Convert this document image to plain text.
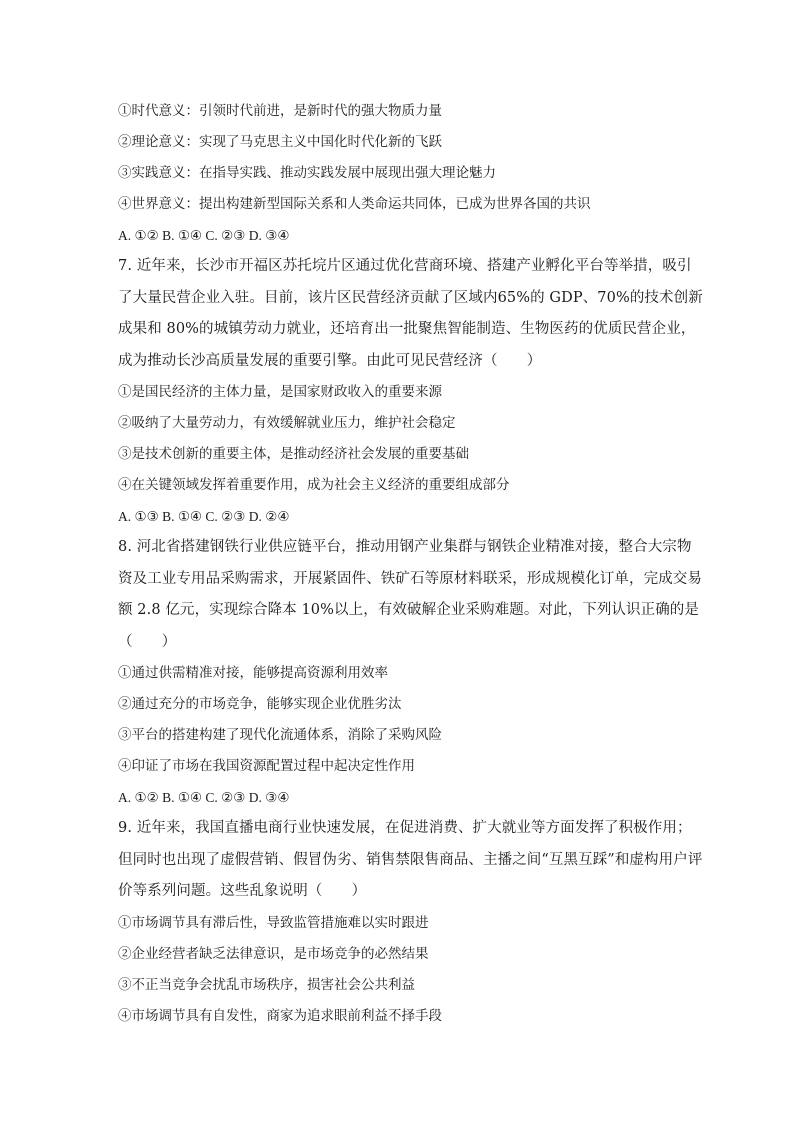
①时代意义：引领时代前进，是新时代的强大物质力量
②理论意义：实现了马克思主义中国化时代化新的飞跃
③实践意义：在指导实践、推动实践发展中展现出强大理论魅力
④世界意义：提出构建新型国际关系和人类命运共同体，已成为世界各国的共识
A. ①② B. ①④ C. ②③ D. ③④
7. 近年来，长沙市开福区苏托垸片区通过优化营商环境、搭建产业孵化平台等举措，吸引
了大量民营企业入驻。目前，该片区民营经济贡献了区域内65%的 GDP、70%的技术创新
成果和 80%的城镇劳动力就业，还培育出一批聚焦智能制造、生物医药的优质民营企业，
成为推动长沙高质量发展的重要引擎。由此可见民营经济（　　）
①是国民经济的主体力量，是国家财政收入的重要来源
②吸纳了大量劳动力，有效缓解就业压力，维护社会稳定
③是技术创新的重要主体，是推动经济社会发展的重要基础
④在关键领域发挥着重要作用，成为社会主义经济的重要组成部分
A. ①③ B. ①④ C. ②③ D. ②④
8. 河北省搭建钢铁行业供应链平台，推动用钢产业集群与钢铁企业精准对接，整合大宗物
资及工业专用品采购需求，开展紧固件、铁矿石等原材料联采，形成规模化订单，完成交易
额 2.8 亿元，实现综合降本 10%以上，有效破解企业采购难题。对此，下列认识正确的是
（　　）
①通过供需精准对接，能够提高资源利用效率
②通过充分的市场竞争，能够实现企业优胜劣汰
③平台的搭建构建了现代化流通体系，消除了采购风险
④印证了市场在我国资源配置过程中起决定性作用
A. ①② B. ①④ C. ②③ D. ③④
9. 近年来，我国直播电商行业快速发展，在促进消费、扩大就业等方面发挥了积极作用；
但同时也出现了虚假营销、假冒伪劣、销售禁限售商品、主播之间“互黑互踩”和虚构用户评
价等系列问题。这些乱象说明（　　）
①市场调节具有滞后性，导致监管措施难以实时跟进
②企业经营者缺乏法律意识，是市场竞争的必然结果
③不正当竞争会扰乱市场秩序，损害社会公共利益
④市场调节具有自发性，商家为追求眼前利益不择手段
